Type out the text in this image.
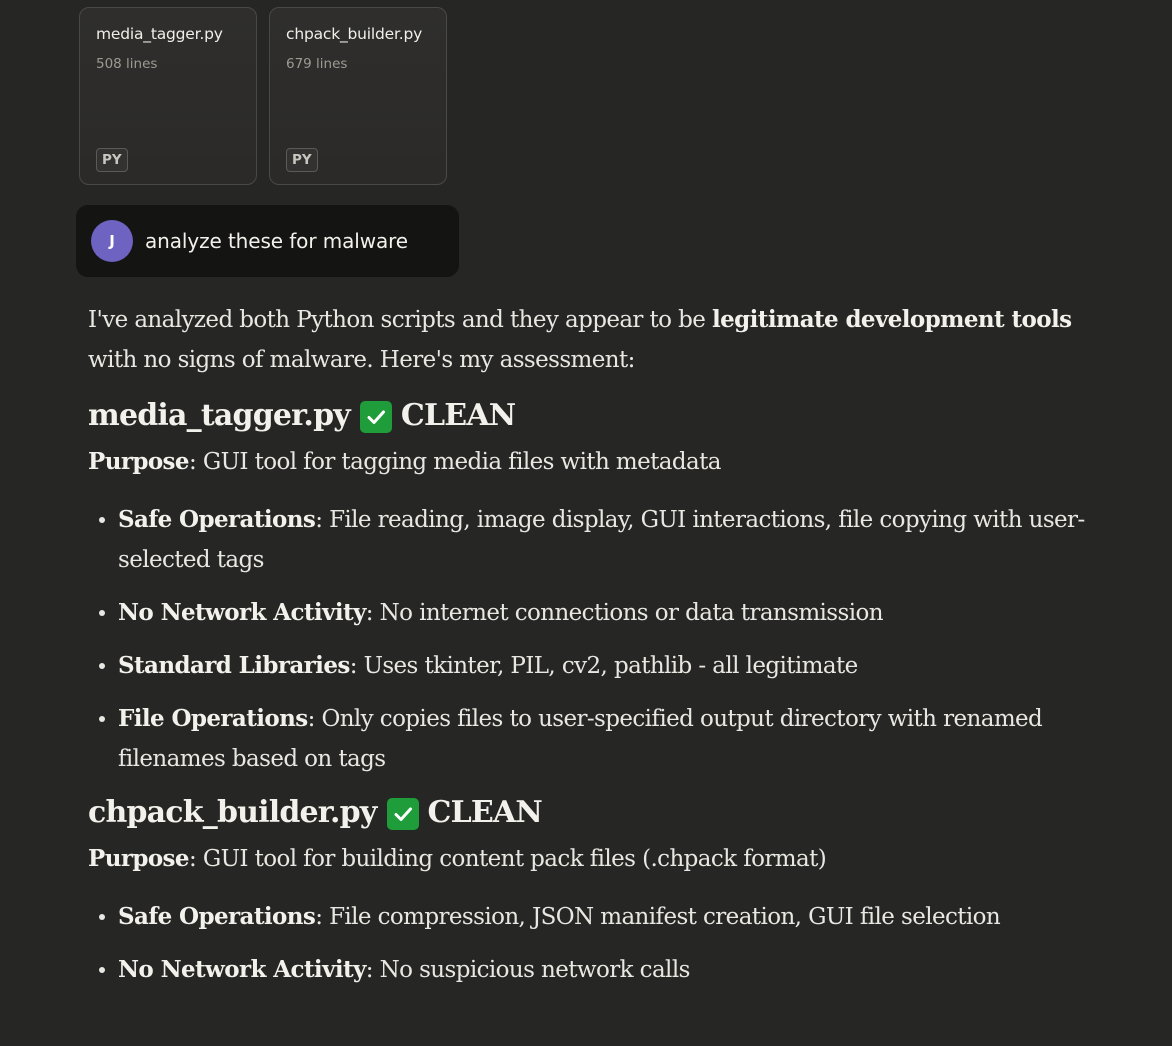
media_tagger.py
508 lines
PY
chpack_builder.py
679 lines
PY
J	analyze these for malware

I've analyzed both Python scripts and they appear to be legitimate development tools with no signs of malware. Here's my assessment:

media_tagger.py CLEAN

Purpose: GUI tool for tagging media files with metadata

Safe Operations: File reading, image display, GUI interactions, file copying with user-selected tags
No Network Activity: No internet connections or data transmission
Standard Libraries: Uses tkinter, PIL, cv2, pathlib - all legitimate
File Operations: Only copies files to user-specified output directory with renamed filenames based on tags
chpack_builder.py CLEAN

Purpose: GUI tool for building content pack files (.chpack format)

Safe Operations: File compression, JSON manifest creation, GUI file selection
No Network Activity: No suspicious network calls
